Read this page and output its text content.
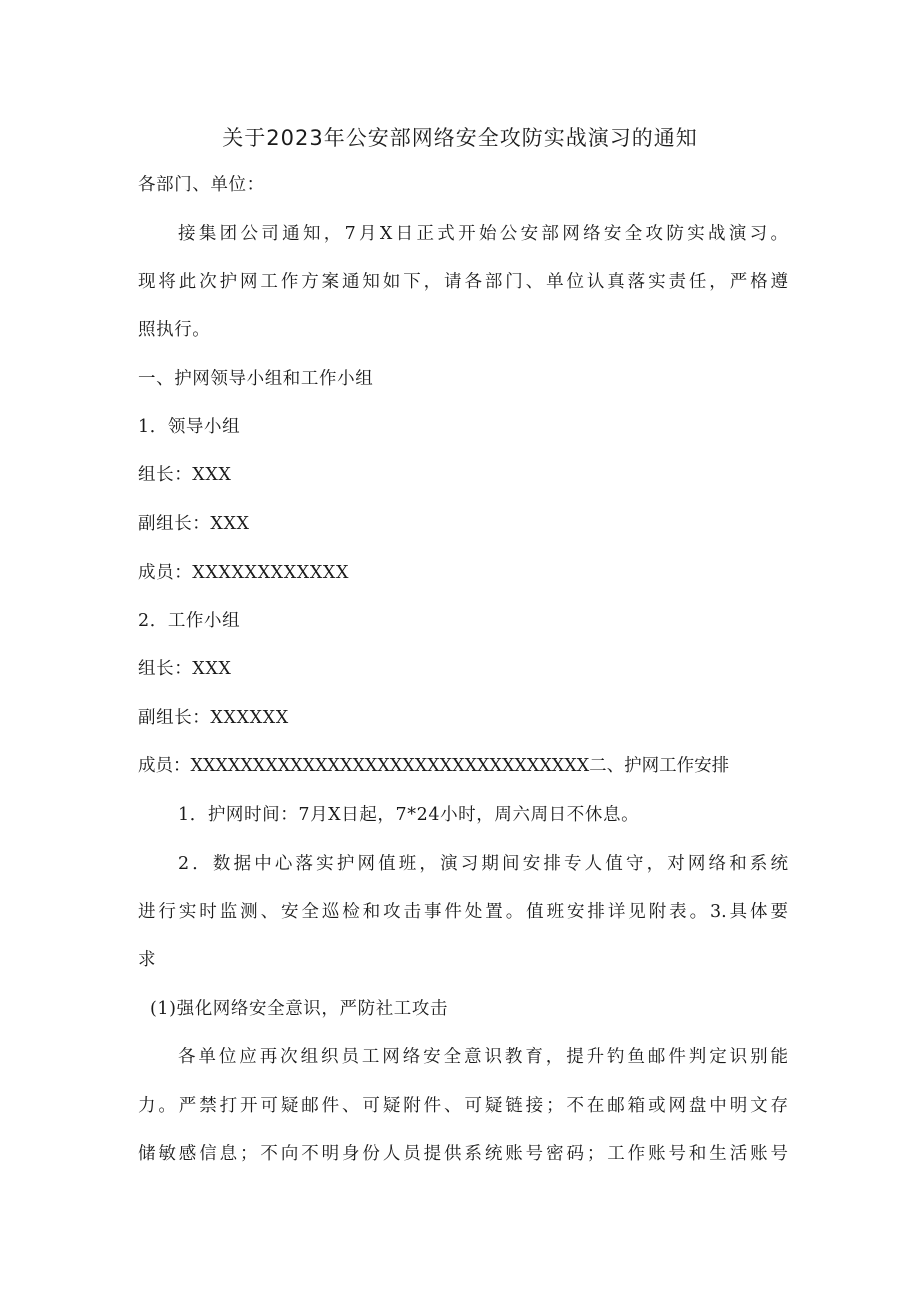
关于2023年公安部网络安全攻防实战演习的通知
各部门、单位：
接集团公司通知，7月X日正式开始公安部网络安全攻防实战演习。
现将此次护网工作方案通知如下，请各部门、单位认真落实责任，严格遵
照执行。
一、护网领导小组和工作小组
1．领导小组
组长：XXX
副组长：XXX
成员：XXXXXXXXXXXX
2．工作小组
组长：XXX
副组长：XXXXXX
成员：XXXXXXXXXXXXXXXXXXXXXXXXXXXXXXXX二、护网工作安排
1．护网时间：7月X日起，7*24小时，周六周日不休息。
2．数据中心落实护网值班，演习期间安排专人值守，对网络和系统
进行实时监测、安全巡检和攻击事件处置。值班安排详见附表。3.具体要
求
(1)强化网络安全意识，严防社工攻击
各单位应再次组织员工网络安全意识教育，提升钓鱼邮件判定识别能
力。严禁打开可疑邮件、可疑附件、可疑链接；不在邮箱或网盘中明文存
储敏感信息；不向不明身份人员提供系统账号密码；工作账号和生活账号
